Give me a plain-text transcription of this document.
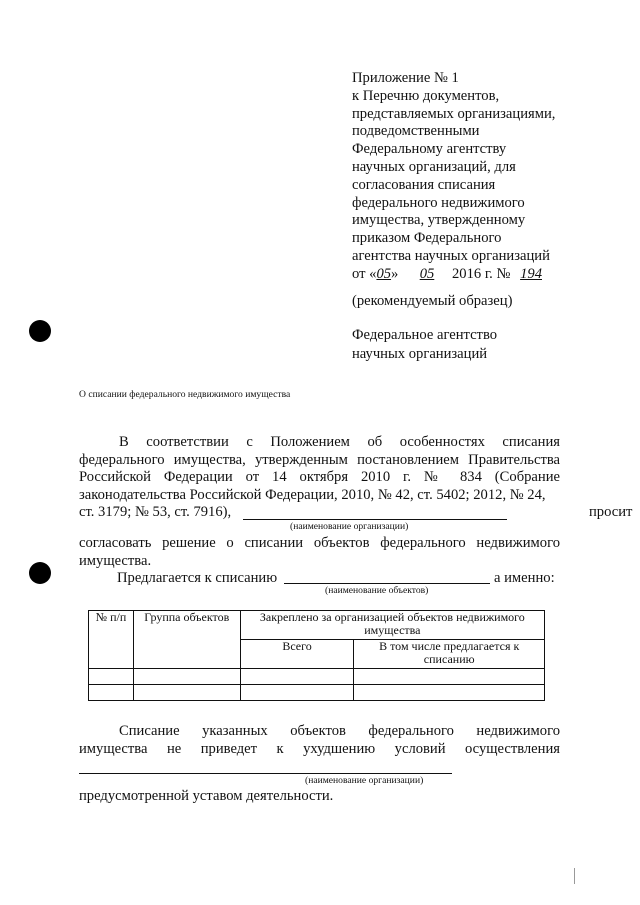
Приложение № 1
к Перечню документов,
представляемых организациями,
подведомственными
Федеральному агентству
научных организаций, для
согласования списания
федерального недвижимого
имущества, утвержденному
приказом Федерального
агентства научных организаций
от «05» 05 2016 г. № 194
(рекомендуемый образец)
Федеральное агентство
научных организаций
О списании федерального недвижимого имущества
В соответствии с Положением об особенностях списания федерального имущества, утвержденным постановлением Правительства Российской Федерации от 14 октября 2010 г. № 834 (Собрание законодательства Российской Федерации, 2010, № 42, ст. 5402; 2012, № 24,
ст. 3179; № 53, ст. 7916),	просит
(наименование организации)
согласовать решение о списании объектов федерального недвижимого имущества.
Предлагается к списанию	а именно:
(наименование объектов)
№ п/п	Группа объектов	Закреплено за организацией объектов недвижимого имущества	
		Всего	В том числе предлагается к списанию

Списание указанных объектов федерального недвижимого
имущества не приведет к ухудшению условий осуществления
(наименование организации)
предусмотренной уставом деятельности.
